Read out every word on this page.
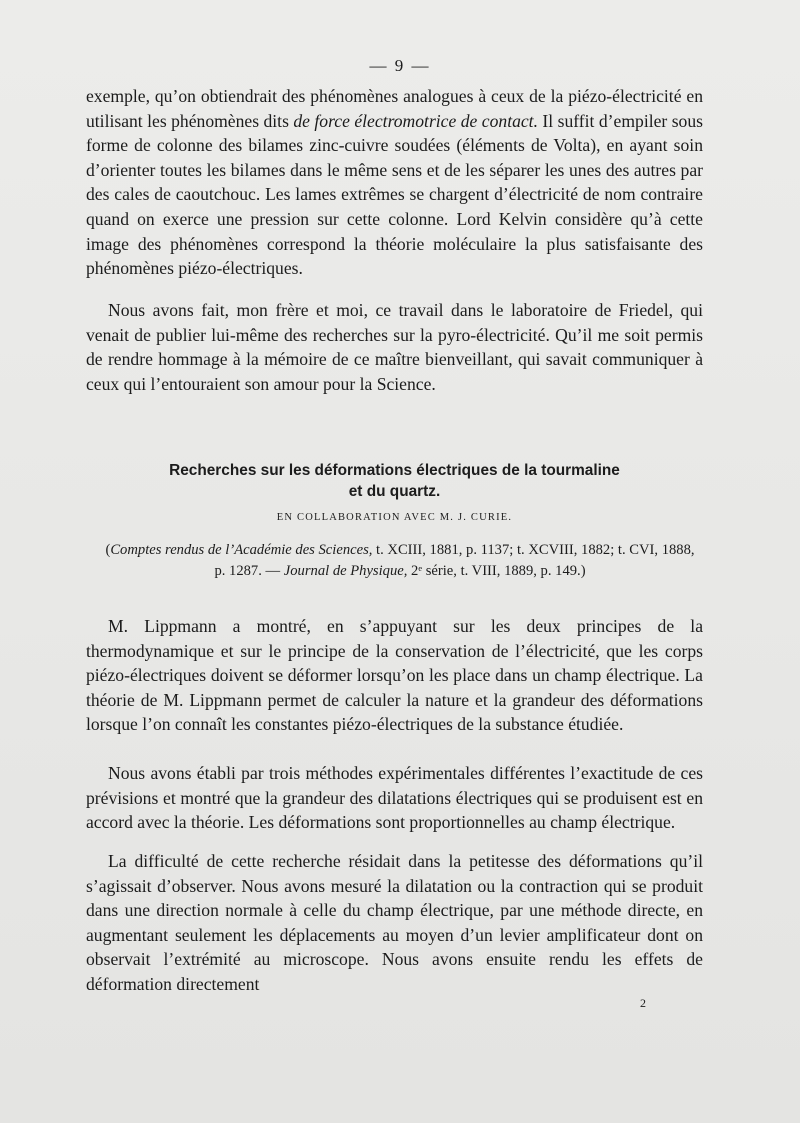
— 9 —

exemple, qu’on obtiendrait des phénomènes analogues à ceux de la piézo-électricité en utilisant les phénomènes dits de force électromotrice de contact. Il suffit d’empiler sous forme de colonne des bilames zinc-cuivre soudées (éléments de Volta), en ayant soin d’orienter toutes les bilames dans le même sens et de les séparer les unes des autres par des cales de caoutchouc. Les lames extrêmes se chargent d’électricité de nom contraire quand on exerce une pression sur cette colonne. Lord Kelvin considère qu’à cette image des phénomènes correspond la théorie moléculaire la plus satisfaisante des phénomènes piézo-électriques.

Nous avons fait, mon frère et moi, ce travail dans le laboratoire de Friedel, qui venait de publier lui-même des recherches sur la pyro-électricité. Qu’il me soit permis de rendre hommage à la mémoire de ce maître bienveillant, qui savait communiquer à ceux qui l’entouraient son amour pour la Science.

Recherches sur les déformations électriques de la tourmaline
et du quartz.
EN COLLABORATION AVEC M. J. CURIE.
(Comptes rendus de l’Académie des Sciences, t. XCIII, 1881, p. 1137; t. XCVIII, 1882; t. CVI, 1888, p. 1287. — Journal de Physique, 2ᵉ série, t. VIII, 1889, p. 149.)

M. Lippmann a montré, en s’appuyant sur les deux principes de la thermodynamique et sur le principe de la conservation de l’électricité, que les corps piézo-électriques doivent se déformer lorsqu’on les place dans un champ électrique. La théorie de M. Lippmann permet de calculer la nature et la grandeur des déformations lorsque l’on connaît les constantes piézo-électriques de la substance étudiée.

Nous avons établi par trois méthodes expérimentales différentes l’exactitude de ces prévisions et montré que la grandeur des dilatations électriques qui se produisent est en accord avec la théorie. Les déformations sont proportionnelles au champ électrique.

La difficulté de cette recherche résidait dans la petitesse des déformations qu’il s’agissait d’observer. Nous avons mesuré la dilatation ou la contraction qui se produit dans une direction normale à celle du champ électrique, par une méthode directe, en augmentant seulement les déplacements au moyen d’un levier amplificateur dont on observait l’extrémité au microscope. Nous avons ensuite rendu les effets de déformation directement

2
